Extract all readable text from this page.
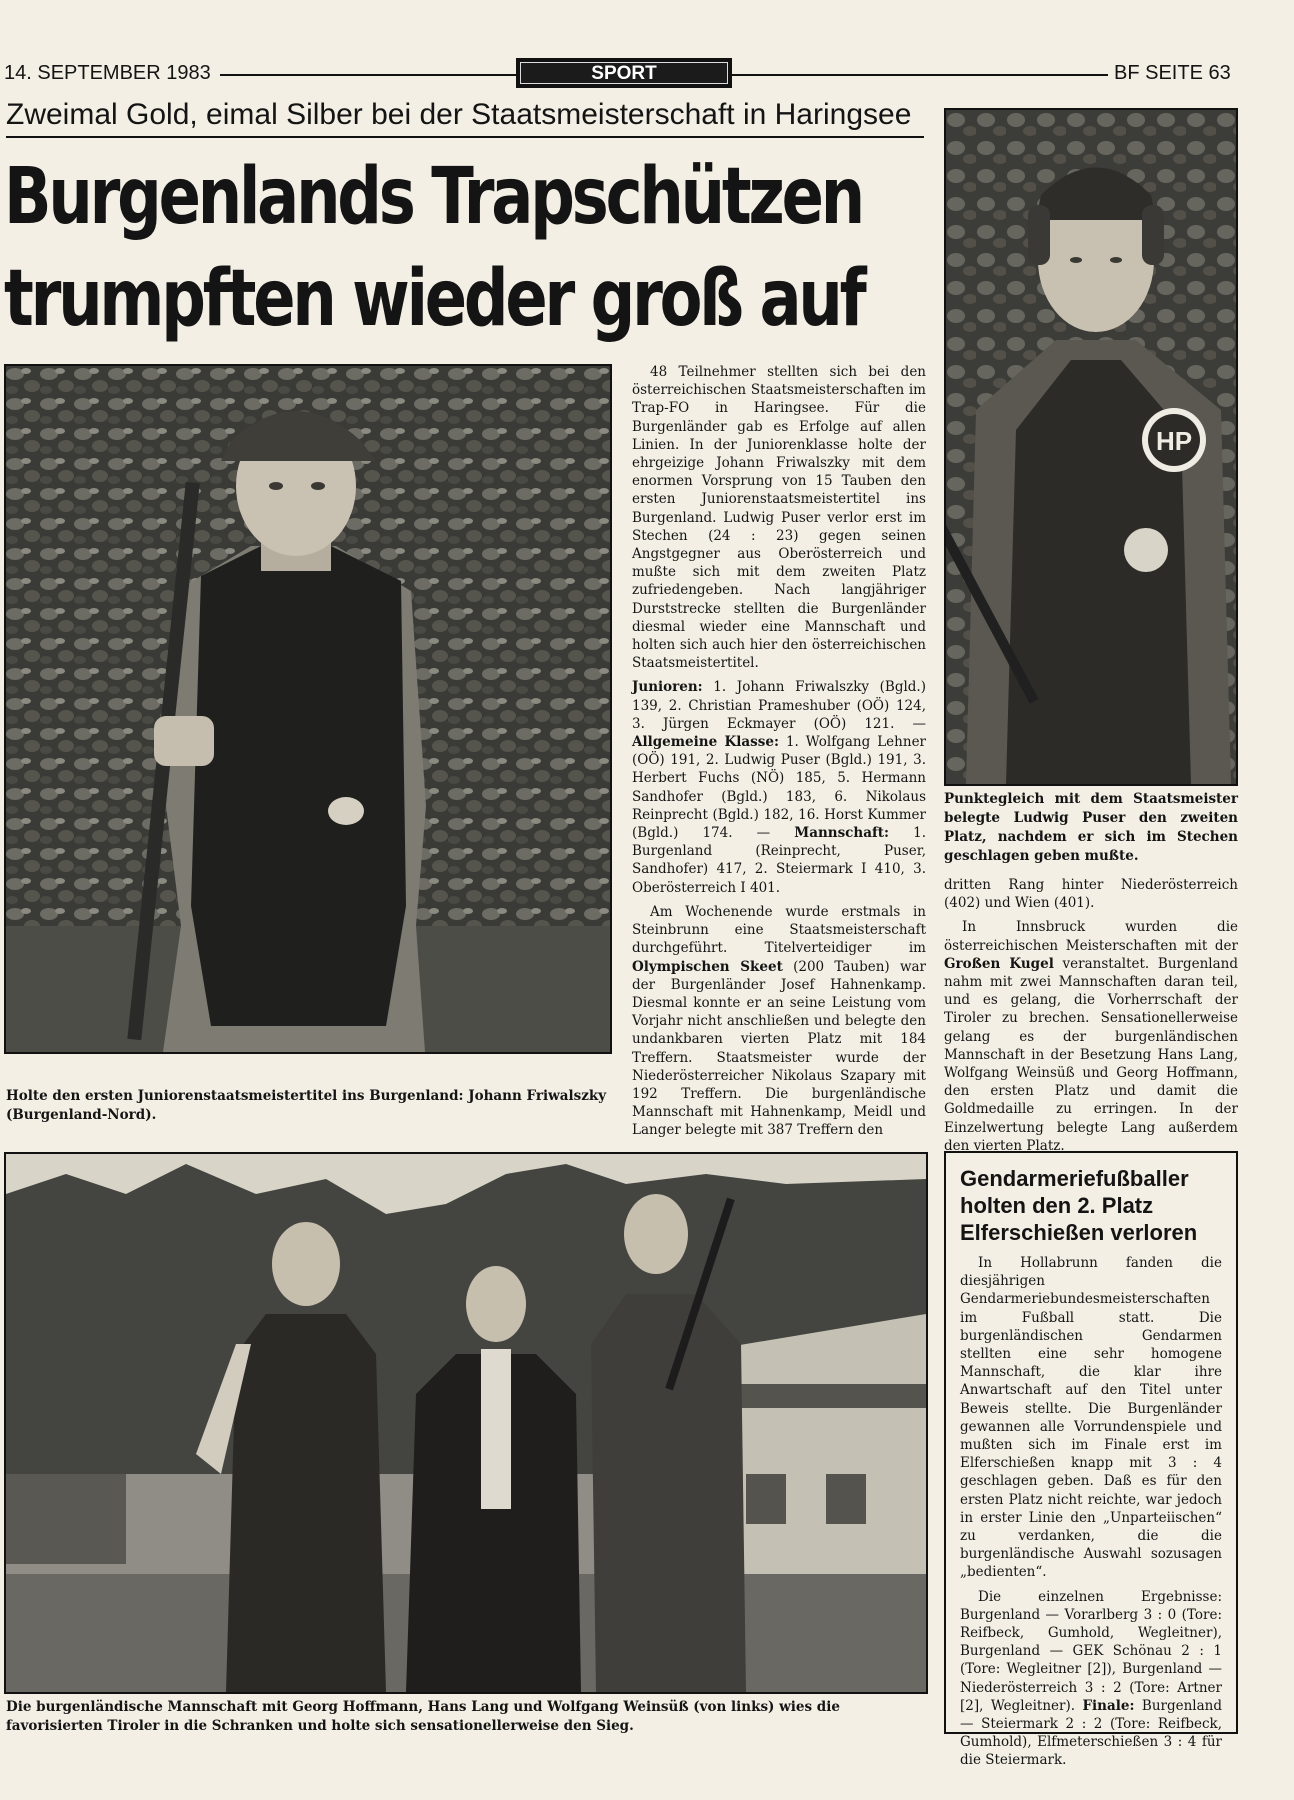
14. SEPTEMBER 1983	SPORT	BF SEITE 63
Zweimal Gold, eimal Silber bei der Staatsmeisterschaft in Haringsee
Burgenlands Trapschützen
trumpften wieder groß auf
Holte den ersten Juniorenstaatsmeistertitel ins Burgenland: Johann Friwalszky (Burgenland-Nord).
HP
Punktegleich mit dem Staatsmeister belegte Ludwig Puser den zweiten Platz, nachdem er sich im Stechen geschlagen geben mußte.
Die burgenländische Mannschaft mit Georg Hoffmann, Hans Lang und Wolfgang Weinsüß (von links) wies die favorisierten Tiroler in die Schranken und holte sich sensationellerweise den Sieg.

48 Teilnehmer stellten sich bei den österreichischen Staatsmeisterschaften im Trap-FO in Haringsee. Für die Burgenländer gab es Erfolge auf allen Linien. In der Juniorenklasse holte der ehrgeizige Johann Friwalszky mit dem enormen Vorsprung von 15 Tauben den ersten Juniorenstaatsmeistertitel ins Burgenland. Ludwig Puser verlor erst im Stechen (24 : 23) gegen seinen Angstgegner aus Oberösterreich und mußte sich mit dem zweiten Platz zufriedengeben. Nach langjähriger Durststrecke stellten die Burgenländer diesmal wieder eine Mannschaft und holten sich auch hier den österreichischen Staatsmeistertitel.

Junioren: 1. Johann Friwalszky (Bgld.) 139, 2. Christian Prameshuber (OÖ) 124, 3. Jürgen Eckmayer (OÖ) 121. — Allgemeine Klasse: 1. Wolfgang Lehner (OÖ) 191, 2. Ludwig Puser (Bgld.) 191, 3. Herbert Fuchs (NÖ) 185, 5. Hermann Sandhofer (Bgld.) 183, 6. Nikolaus Reinprecht (Bgld.) 182, 16. Horst Kummer (Bgld.) 174. — Mannschaft: 1. Burgenland (Reinprecht, Puser, Sandhofer) 417, 2. Steiermark I 410, 3. Oberösterreich I 401.

Am Wochenende wurde erstmals in Steinbrunn eine Staatsmeisterschaft durchgeführt. Titelverteidiger im Olympischen Skeet (200 Tauben) war der Burgenländer Josef Hahnenkamp. Diesmal konnte er an seine Leistung vom Vorjahr nicht anschließen und belegte den undankbaren vierten Platz mit 184 Treffern. Staatsmeister wurde der Niederösterreicher Nikolaus Szapary mit 192 Treffern. Die burgenländische Mannschaft mit Hahnenkamp, Meidl und Langer belegte mit 387 Treffern den

dritten Rang hinter Niederösterreich (402) und Wien (401).

In Innsbruck wurden die österreichischen Meisterschaften mit der Großen Kugel veranstaltet. Burgenland nahm mit zwei Mannschaften daran teil, und es gelang, die Vorherrschaft der Tiroler zu brechen. Sensationellerweise gelang es der burgenländischen Mannschaft in der Besetzung Hans Lang, Wolfgang Weinsüß und Georg Hoffmann, den ersten Platz und damit die Goldmedaille zu erringen. In der Einzelwertung belegte Lang außerdem den vierten Platz.

Gendarmeriefußballer holten den 2. Platz Elferschießen verloren

In Hollabrunn fanden die diesjährigen Gendarmeriebundesmeisterschaften im Fußball statt. Die burgenländischen Gendarmen stellten eine sehr homogene Mannschaft, die klar ihre Anwartschaft auf den Titel unter Beweis stellte. Die Burgenländer gewannen alle Vorrundenspiele und mußten sich im Finale erst im Elferschießen knapp mit 3 : 4 geschlagen geben. Daß es für den ersten Platz nicht reichte, war jedoch in erster Linie den „Unparteiischen“ zu verdanken, die die burgenländische Auswahl sozusagen „bedienten“.

Die einzelnen Ergebnisse: Burgenland — Vorarlberg 3 : 0 (Tore: Reifbeck, Gumhold, Wegleitner), Burgenland — GEK Schönau 2 : 1 (Tore: Wegleitner [2]), Burgenland — Niederösterreich 3 : 2 (Tore: Artner [2], Wegleitner). Finale: Burgenland — Steiermark 2 : 2 (Tore: Reifbeck, Gumhold), Elfmeterschießen 3 : 4 für die Steiermark.
